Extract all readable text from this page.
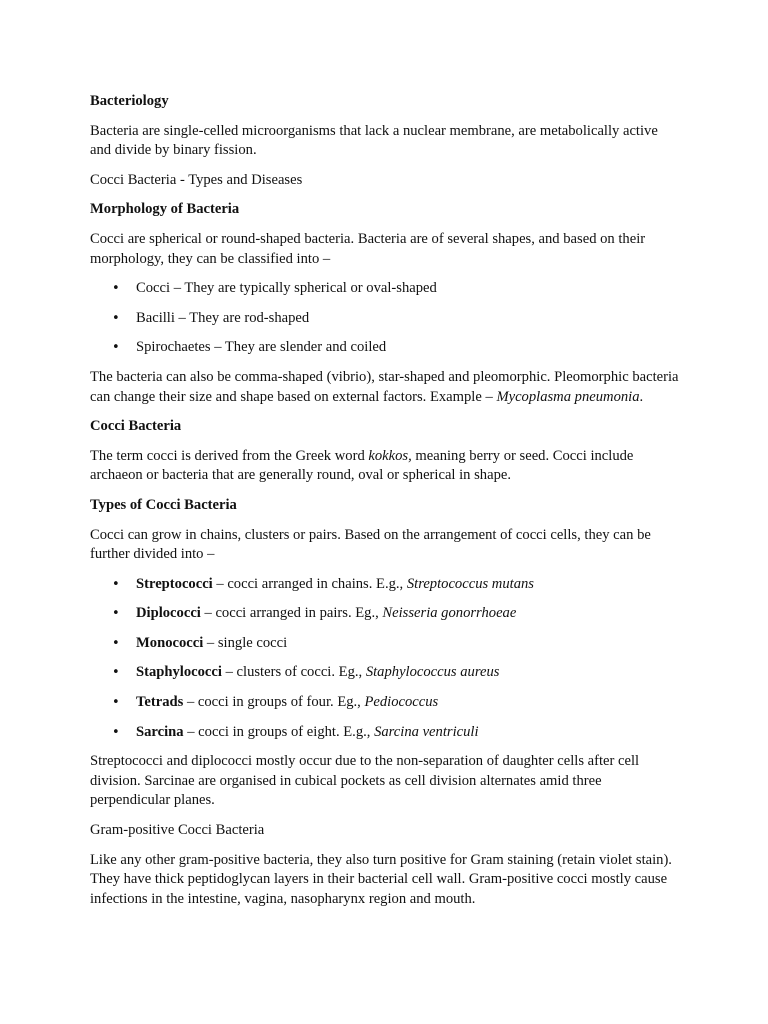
Bacteriology

Bacteria are single-celled microorganisms that lack a nuclear membrane, are metabolically active and divide by binary fission.

Cocci Bacteria - Types and Diseases

Morphology of Bacteria

Cocci are spherical or round-shaped bacteria. Bacteria are of several shapes, and based on their morphology, they can be classified into –

• Cocci – They are typically spherical or oval-shaped
• Bacilli – They are rod-shaped
• Spirochaetes – They are slender and coiled

The bacteria can also be comma-shaped (vibrio), star-shaped and pleomorphic. Pleomorphic bacteria can change their size and shape based on external factors. Example – Mycoplasma pneumonia.

Cocci Bacteria

The term cocci is derived from the Greek word kokkos, meaning berry or seed. Cocci include archaeon or bacteria that are generally round, oval or spherical in shape.

Types of Cocci Bacteria

Cocci can grow in chains, clusters or pairs. Based on the arrangement of cocci cells, they can be further divided into –

• Streptococci – cocci arranged in chains. E.g., Streptococcus mutans
• Diplococci – cocci arranged in pairs. Eg., Neisseria gonorrhoeae
• Monococci – single cocci
• Staphylococci – clusters of cocci. Eg., Staphylococcus aureus
• Tetrads – cocci in groups of four. Eg., Pediococcus
• Sarcina – cocci in groups of eight. E.g., Sarcina ventriculi

Streptococci and diplococci mostly occur due to the non-separation of daughter cells after cell division. Sarcinae are organised in cubical pockets as cell division alternates amid three perpendicular planes.

Gram-positive Cocci Bacteria

Like any other gram-positive bacteria, they also turn positive for Gram staining (retain violet stain). They have thick peptidoglycan layers in their bacterial cell wall. Gram-positive cocci mostly cause infections in the intestine, vagina, nasopharynx region and mouth.
